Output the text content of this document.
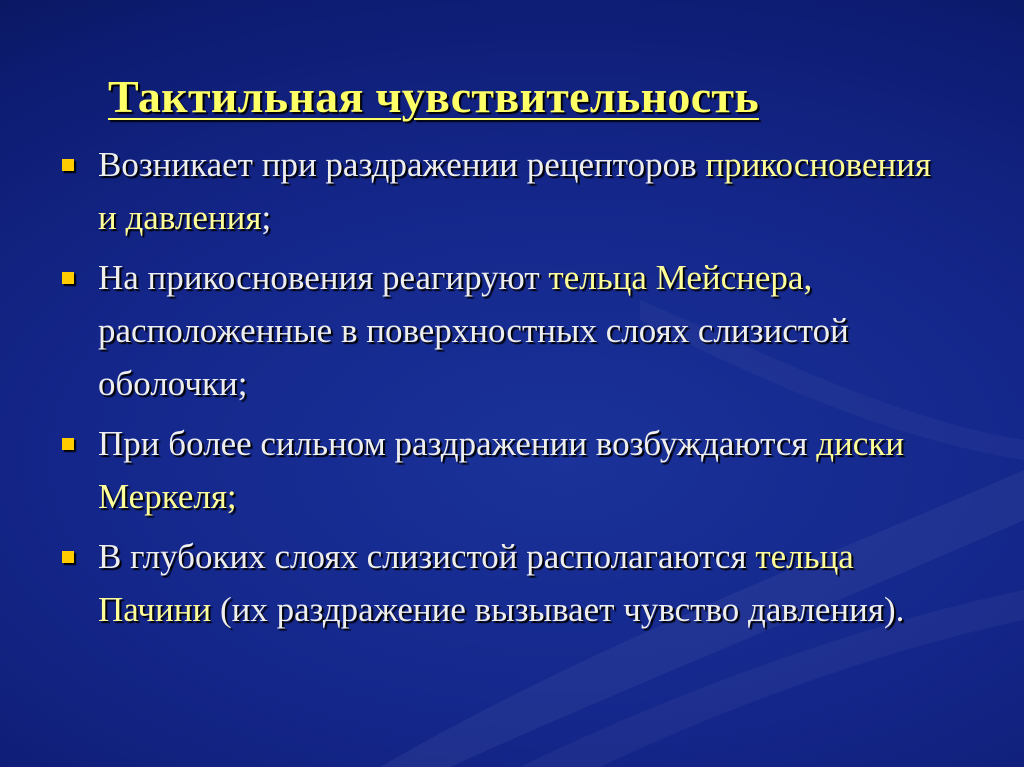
Тактильная чувствительность
Возникает при раздражении рецепторов прикосновения и давления;
На прикосновения реагируют тельца Мейснера, расположенные в поверхностных слоях слизистой оболочки;
При более сильном раздражении возбуждаются диски Меркеля;
В глубоких слоях слизистой располагаются тельца Пачини (их раздражение вызывает чувство давления).
